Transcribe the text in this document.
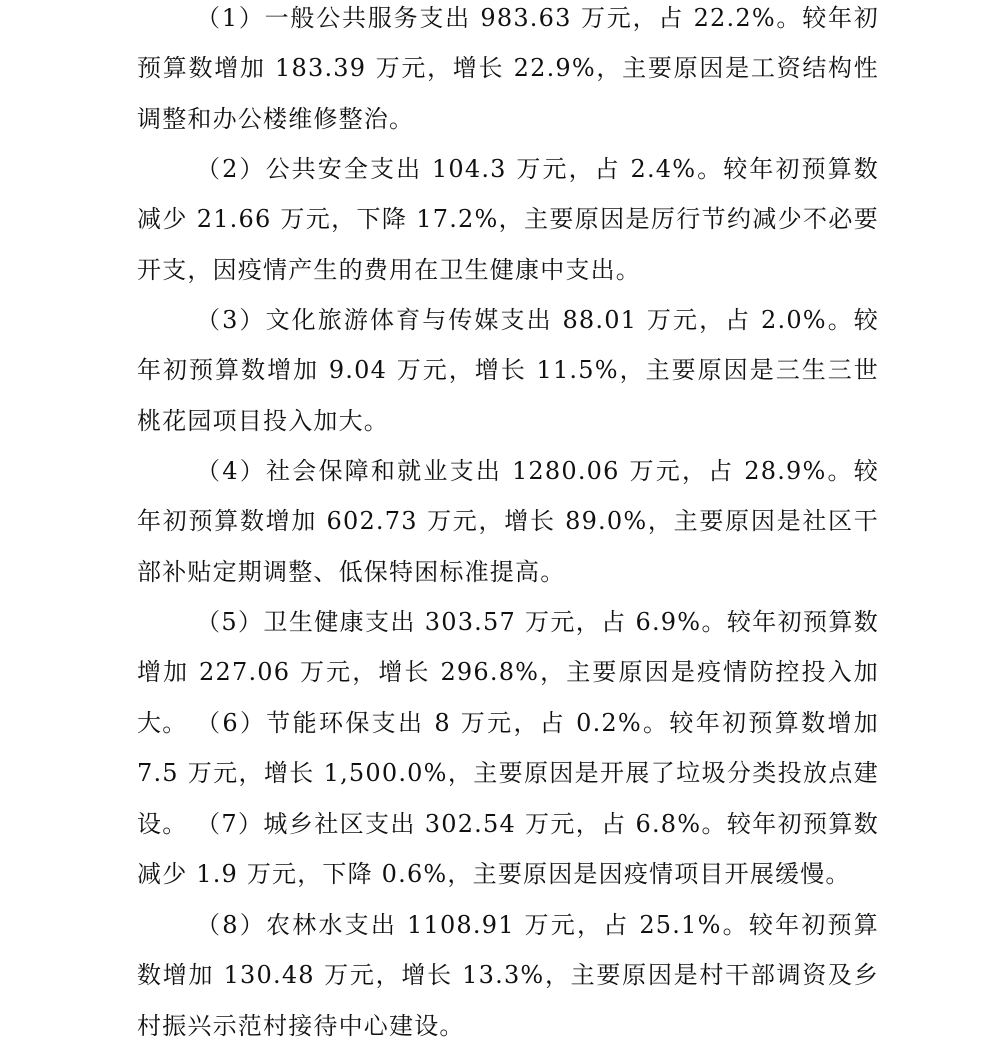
（1）一般公共服务支出 983.63 万元，占 22.2%。较年初预算数增加 183.39 万元，增长 22.9%，主要原因是工资结构性调整和办公楼维修整治。

（2）公共安全支出 104.3 万元，占 2.4%。较年初预算数减少 21.66 万元，下降 17.2%，主要原因是厉行节约减少不必要开支，因疫情产生的费用在卫生健康中支出。

（3）文化旅游体育与传媒支出 88.01 万元，占 2.0%。较年初预算数增加 9.04 万元，增长 11.5%，主要原因是三生三世桃花园项目投入加大。

（4）社会保障和就业支出 1280.06 万元，占 28.9%。较年初预算数增加 602.73 万元，增长 89.0%，主要原因是社区干部补贴定期调整、低保特困标准提高。

（5）卫生健康支出 303.57 万元，占 6.9%。较年初预算数增加 227.06 万元，增长 296.8%，主要原因是疫情防控投入加大。 （6）节能环保支出 8 万元，占 0.2%。较年初预算数增加 7.5 万元，增长 1,500.0%，主要原因是开展了垃圾分类投放点建设。 （7）城乡社区支出 302.54 万元，占 6.8%。较年初预算数减少 1.9 万元，下降 0.6%，主要原因是因疫情项目开展缓慢。

（8）农林水支出 1108.91 万元，占 25.1%。较年初预算数增加 130.48 万元，增长 13.3%，主要原因是村干部调资及乡村振兴示范村接待中心建设。
